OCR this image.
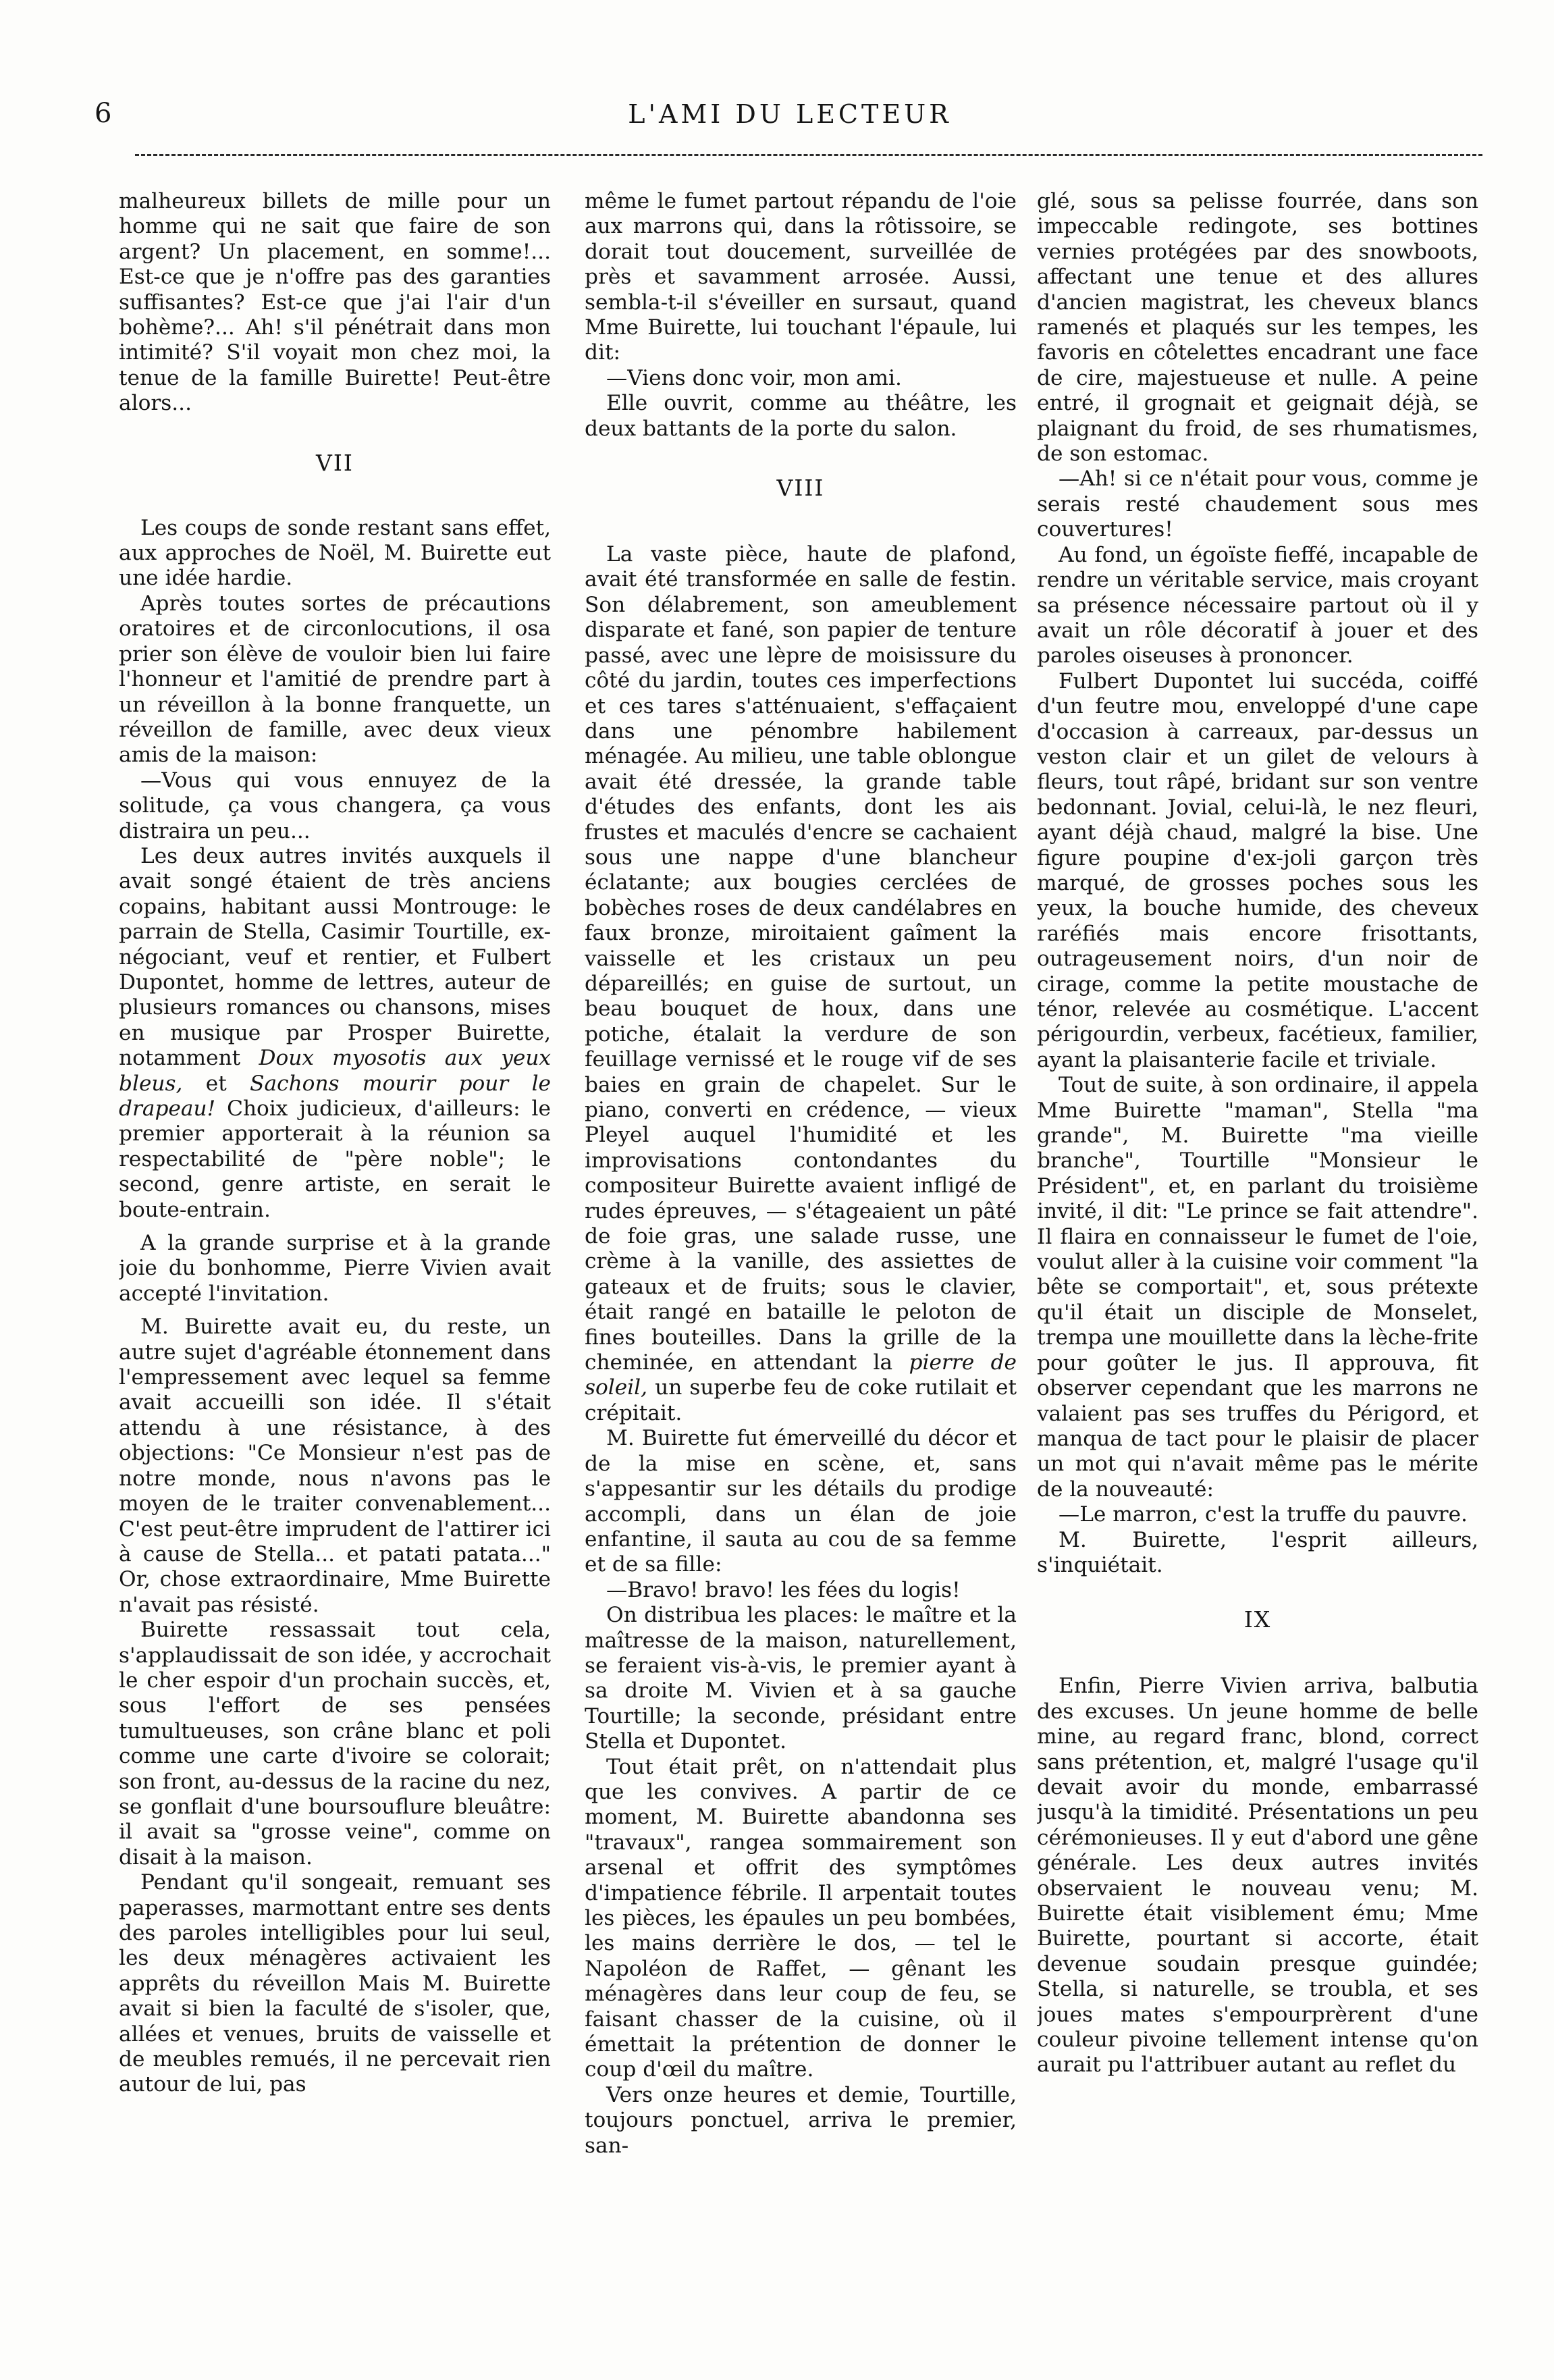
6	L'AMI DU LECTEUR

malheureux billets de mille pour un homme qui ne sait que faire de son argent? Un placement, en somme!... Est-ce que je n'offre pas des garanties suffisantes? Est-ce que j'ai l'air d'un bohème?... Ah! s'il pénétrait dans mon intimité? S'il voyait mon chez moi, la tenue de la famille Buirette! Peut-être alors...

VII

Les coups de sonde restant sans effet, aux approches de Noël, M. Buirette eut une idée hardie.

Après toutes sortes de précautions oratoires et de circonlocutions, il osa prier son élève de vouloir bien lui faire l'honneur et l'amitié de prendre part à un réveillon à la bonne franquette, un réveillon de famille, avec deux vieux amis de la maison:

—Vous qui vous ennuyez de la solitude, ça vous changera, ça vous distraira un peu...

Les deux autres invités auxquels il avait songé étaient de très anciens copains, habitant aussi Montrouge: le parrain de Stella, Casimir Tourtille, ex-négociant, veuf et rentier, et Fulbert Dupontet, homme de lettres, auteur de plusieurs romances ou chansons, mises en musique par Prosper Buirette, notamment Doux myosotis aux yeux bleus, et Sachons mourir pour le drapeau! Choix judicieux, d'ailleurs: le premier apporterait à la réunion sa respectabilité de "père noble"; le second, genre artiste, en serait le boute-entrain.

A la grande surprise et à la grande joie du bonhomme, Pierre Vivien avait accepté l'invitation.

M. Buirette avait eu, du reste, un autre sujet d'agréable étonnement dans l'empressement avec lequel sa femme avait accueilli son idée. Il s'était attendu à une résistance, à des objections: "Ce Monsieur n'est pas de notre monde, nous n'avons pas le moyen de le traiter convenablement... C'est peut-être imprudent de l'attirer ici à cause de Stella... et patati patata..." Or, chose extraordinaire, Mme Buirette n'avait pas résisté.

Buirette ressassait tout cela, s'applaudissait de son idée, y accrochait le cher espoir d'un prochain succès, et, sous l'effort de ses pensées tumultueuses, son crâne blanc et poli comme une carte d'ivoire se colorait; son front, au-dessus de la racine du nez, se gonflait d'une boursouflure bleuâtre: il avait sa "grosse veine", comme on disait à la maison.

Pendant qu'il songeait, remuant ses paperasses, marmottant entre ses dents des paroles intelligibles pour lui seul, les deux ménagères activaient les apprêts du réveillon Mais M. Buirette avait si bien la faculté de s'isoler, que, allées et venues, bruits de vaisselle et de meubles remués, il ne percevait rien autour de lui, pas

même le fumet partout répandu de l'oie aux marrons qui, dans la rôtissoire, se dorait tout doucement, surveillée de près et savamment arrosée. Aussi, sembla-t-il s'éveiller en sursaut, quand Mme Buirette, lui touchant l'épaule, lui dit:

—Viens donc voir, mon ami.

Elle ouvrit, comme au théâtre, les deux battants de la porte du salon.

VIII

La vaste pièce, haute de plafond, avait été transformée en salle de festin. Son délabrement, son ameublement disparate et fané, son papier de tenture passé, avec une lèpre de moisissure du côté du jardin, toutes ces imperfections et ces tares s'atténuaient, s'effaçaient dans une pénombre habilement ménagée. Au milieu, une table oblongue avait été dressée, la grande table d'études des enfants, dont les ais frustes et maculés d'encre se cachaient sous une nappe d'une blancheur éclatante; aux bougies cerclées de bobèches roses de deux candélabres en faux bronze, miroitaient gaîment la vaisselle et les cristaux un peu dépareillés; en guise de surtout, un beau bouquet de houx, dans une potiche, étalait la verdure de son feuillage vernissé et le rouge vif de ses baies en grain de chapelet. Sur le piano, converti en crédence, — vieux Pleyel auquel l'humidité et les improvisations contondantes du compositeur Buirette avaient infligé de rudes épreuves, — s'étageaient un pâté de foie gras, une salade russe, une crème à la vanille, des assiettes de gateaux et de fruits; sous le clavier, était rangé en bataille le peloton de fines bouteilles. Dans la grille de la cheminée, en attendant la pierre de soleil, un superbe feu de coke rutilait et crépitait.

M. Buirette fut émerveillé du décor et de la mise en scène, et, sans s'appesantir sur les détails du prodige accompli, dans un élan de joie enfantine, il sauta au cou de sa femme et de sa fille:

—Bravo! bravo! les fées du logis!

On distribua les places: le maître et la maîtresse de la maison, naturellement, se feraient vis-à-vis, le premier ayant à sa droite M. Vivien et à sa gauche Tourtille; la seconde, présidant entre Stella et Dupontet.

Tout était prêt, on n'attendait plus que les convives. A partir de ce moment, M. Buirette abandonna ses "travaux", rangea sommairement son arsenal et offrit des symptômes d'impatience fébrile. Il arpentait toutes les pièces, les épaules un peu bombées, les mains derrière le dos, — tel le Napoléon de Raffet, — gênant les ménagères dans leur coup de feu, se faisant chasser de la cuisine, où il émettait la prétention de donner le coup d'œil du maître.

Vers onze heures et demie, Tourtille, toujours ponctuel, arriva le premier, san-

glé, sous sa pelisse fourrée, dans son impeccable redingote, ses bottines vernies protégées par des snowboots, affectant une tenue et des allures d'ancien magistrat, les cheveux blancs ramenés et plaqués sur les tempes, les favoris en côtelettes encadrant une face de cire, majestueuse et nulle. A peine entré, il grognait et geignait déjà, se plaignant du froid, de ses rhumatismes, de son estomac.

—Ah! si ce n'était pour vous, comme je serais resté chaudement sous mes couvertures!

Au fond, un égoïste fieffé, incapable de rendre un véritable service, mais croyant sa présence nécessaire partout où il y avait un rôle décoratif à jouer et des paroles oiseuses à prononcer.

Fulbert Dupontet lui succéda, coiffé d'un feutre mou, enveloppé d'une cape d'occasion à carreaux, par-dessus un veston clair et un gilet de velours à fleurs, tout râpé, bridant sur son ventre bedonnant. Jovial, celui-là, le nez fleuri, ayant déjà chaud, malgré la bise. Une figure poupine d'ex-joli garçon très marqué, de grosses poches sous les yeux, la bouche humide, des cheveux raréfiés mais encore frisottants, outrageusement noirs, d'un noir de cirage, comme la petite moustache de ténor, relevée au cosmétique. L'accent périgourdin, verbeux, facétieux, familier, ayant la plaisanterie facile et triviale.

Tout de suite, à son ordinaire, il appela Mme Buirette "maman", Stella "ma grande", M. Buirette "ma vieille branche", Tourtille "Monsieur le Président", et, en parlant du troisième invité, il dit: "Le prince se fait attendre". Il flaira en connaisseur le fumet de l'oie, voulut aller à la cuisine voir comment "la bête se comportait", et, sous prétexte qu'il était un disciple de Monselet, trempa une mouillette dans la lèche-frite pour goûter le jus. Il approuva, fit observer cependant que les marrons ne valaient pas ses truffes du Périgord, et manqua de tact pour le plaisir de placer un mot qui n'avait même pas le mérite de la nouveauté:

—Le marron, c'est la truffe du pauvre.

M. Buirette, l'esprit ailleurs, s'inquiétait.

IX

Enfin, Pierre Vivien arriva, balbutia des excuses. Un jeune homme de belle mine, au regard franc, blond, correct sans prétention, et, malgré l'usage qu'il devait avoir du monde, embarrassé jusqu'à la timidité. Présentations un peu cérémonieuses. Il y eut d'abord une gêne générale. Les deux autres invités observaient le nouveau venu; M. Buirette était visiblement ému; Mme Buirette, pourtant si accorte, était devenue soudain presque guindée; Stella, si naturelle, se troubla, et ses joues mates s'empourprèrent d'une couleur pivoine tellement intense qu'on aurait pu l'attribuer autant au reflet du
